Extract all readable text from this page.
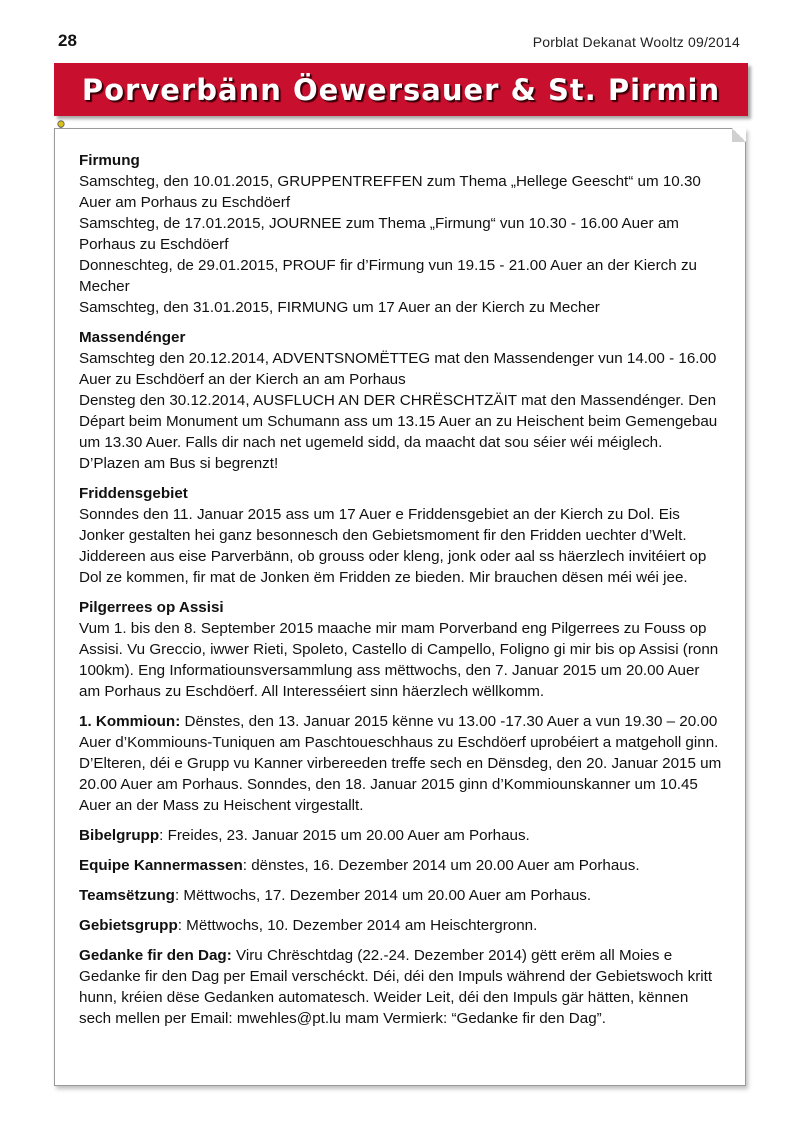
28	Porblat Dekanat Wooltz 09/2014
Porverbänn Öewersauer & St. Pirmin
Firmung
Samschteg, den 10.01.2015, GRUPPENTREFFEN zum Thema „Hellege Geescht“ um 10.30
Auer am Porhaus zu Eschdöerf
Samschteg, de 17.01.2015, JOURNEE zum Thema „Firmung“ vun 10.30 - 16.00 Auer am
Porhaus zu Eschdöerf
Donneschteg, de 29.01.2015, PROUF fir d’Firmung vun 19.15 - 21.00 Auer an der Kierch zu
Mecher
Samschteg, den 31.01.2015, FIRMUNG um 17 Auer an der Kierch zu Mecher
Massendénger
Samschteg den 20.12.2014, ADVENTSNOMËTTEG mat den Massendenger vun 14.00 - 16.00
Auer zu Eschdöerf an der Kierch an am Porhaus
Densteg den 30.12.2014, AUSFLUCH AN DER CHRËSCHTZÄIT mat den Massendénger. Den
Départ beim Monument um Schumann ass um 13.15 Auer an zu Heischent beim Gemengebau
um 13.30 Auer. Falls dir nach net ugemeld sidd, da maacht dat sou séier wéi méiglech.
D’Plazen am Bus si begrenzt!
Friddensgebiet
Sonndes den 11. Januar 2015 ass um 17 Auer e Friddensgebiet an der Kierch zu Dol. Eis
Jonker gestalten hei ganz besonnesch den Gebietsmoment fir den Fridden uechter d’Welt.
Jiddereen aus eise Parverbänn, ob grouss oder kleng, jonk oder aal ss häerzlech invitéiert op
Dol ze kommen, fir mat de Jonken ëm Fridden ze bieden. Mir brauchen dësen méi wéi jee.
Pilgerrees op Assisi
Vum 1. bis den 8. September 2015 maache mir mam Porverband eng Pilgerrees zu Fouss op
Assisi. Vu Greccio, iwwer Rieti, Spoleto, Castello di Campello, Foligno gi mir bis op Assisi (ronn
100km). Eng Informatiounsversammlung ass mëttwochs, den 7. Januar 2015 um 20.00 Auer
am Porhaus zu Eschdöerf. All Interesséiert sinn häerzlech wëllkomm.
1. Kommioun: Dënstes, den 13. Januar 2015 kënne vu 13.00 -17.30 Auer a vun 19.30 – 20.00
Auer d’Kommiouns-Tuniquen am Paschtoueschhaus zu Eschdöerf uprobéiert a matgeholl ginn.
D’Elteren, déi e Grupp vu Kanner virbereeden treffe sech en Dënsdeg, den 20. Januar 2015 um
20.00 Auer am Porhaus. Sonndes, den 18. Januar 2015 ginn d’Kommiounskanner um 10.45
Auer an der Mass zu Heischent virgestallt.
Bibelgrupp: Freides, 23. Januar 2015 um 20.00 Auer am Porhaus.
Equipe Kannermassen: dënstes, 16. Dezember 2014 um 20.00 Auer am Porhaus.
Teamsëtzung: Mëttwochs, 17. Dezember 2014 um 20.00 Auer am Porhaus.
Gebietsgrupp: Mëttwochs, 10. Dezember 2014 am Heischtergronn.
Gedanke fir den Dag: Viru Chrëschtdag (22.-24. Dezember 2014) gëtt erëm all Moies e
Gedanke fir den Dag per Email verschéckt. Déi, déi den Impuls während der Gebietswoch kritt
hunn, kréien dëse Gedanken automatesch. Weider Leit, déi den Impuls gär hätten, kënnen
sech mellen per Email: mwehles@pt.lu mam Vermierk: “Gedanke fir den Dag”.
